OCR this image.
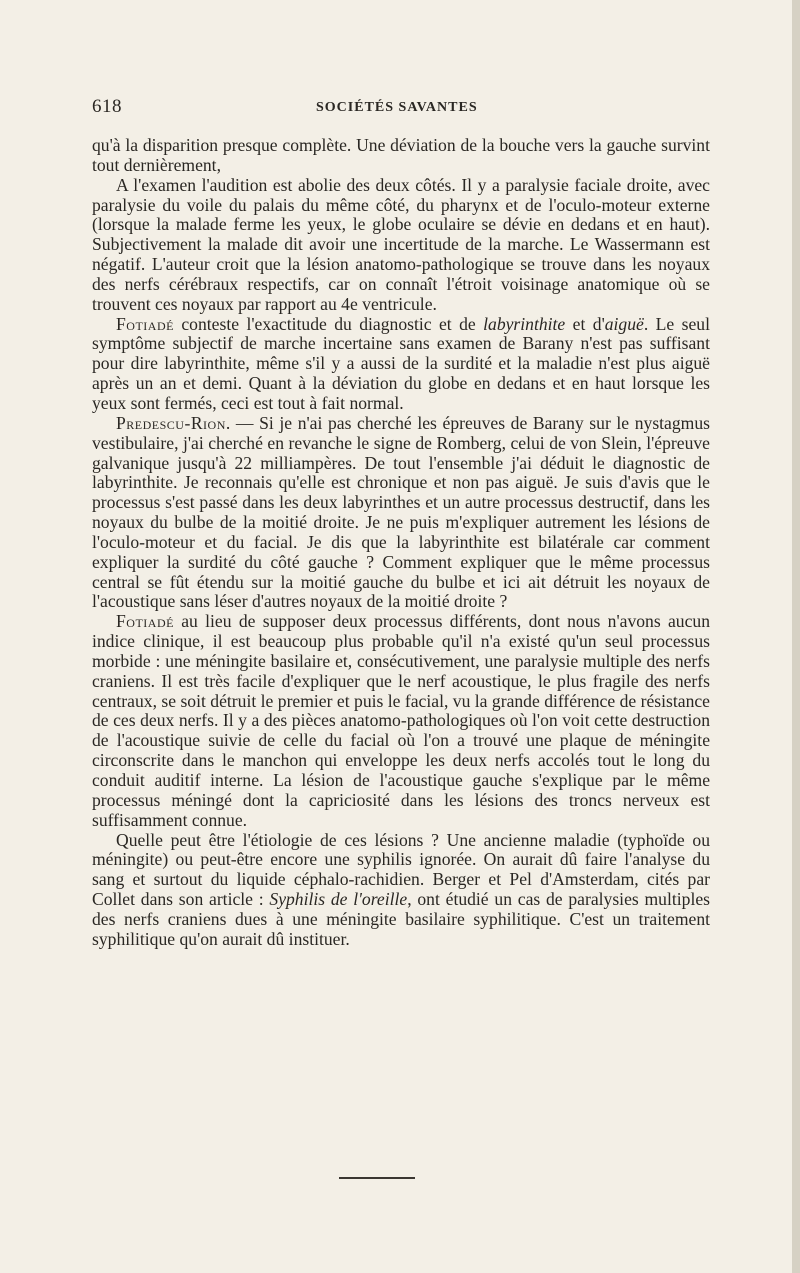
618	SOCIÉTÉS SAVANTES

qu'à la disparition presque complète. Une déviation de la bouche vers la gauche survint tout dernièrement,

A l'examen l'audition est abolie des deux côtés. Il y a paralysie faciale droite, avec paralysie du voile du palais du même côté, du pharynx et de l'oculo-moteur externe (lorsque la malade ferme les yeux, le globe oculaire se dévie en dedans et en haut). Subjectivement la malade dit avoir une incertitude de la marche. Le Wassermann est négatif. L'auteur croit que la lésion anatomo-pathologique se trouve dans les noyaux des nerfs cérébraux respectifs, car on connaît l'étroit voisinage anatomique où se trouvent ces noyaux par rapport au 4e ventricule.

Fotiadé conteste l'exactitude du diagnostic et de labyrinthite et d'aiguë. Le seul symptôme subjectif de marche incertaine sans examen de Barany n'est pas suffisant pour dire labyrinthite, même s'il y a aussi de la surdité et la maladie n'est plus aiguë après un an et demi. Quant à la déviation du globe en dedans et en haut lorsque les yeux sont fermés, ceci est tout à fait normal.

Predescu-Rion. — Si je n'ai pas cherché les épreuves de Barany sur le nystagmus vestibulaire, j'ai cherché en revanche le signe de Romberg, celui de von Slein, l'épreuve galvanique jusqu'à 22 milliampères. De tout l'ensemble j'ai déduit le diagnostic de labyrinthite. Je reconnais qu'elle est chronique et non pas aiguë. Je suis d'avis que le processus s'est passé dans les deux labyrinthes et un autre processus destructif, dans les noyaux du bulbe de la moitié droite. Je ne puis m'expliquer autrement les lésions de l'oculo-moteur et du facial. Je dis que la labyrinthite est bilatérale car comment expliquer la surdité du côté gauche ? Comment expliquer que le même processus central se fût étendu sur la moitié gauche du bulbe et ici ait détruit les noyaux de l'acoustique sans léser d'autres noyaux de la moitié droite ?

Fotiadé au lieu de supposer deux processus différents, dont nous n'avons aucun indice clinique, il est beaucoup plus probable qu'il n'a existé qu'un seul processus morbide : une méningite basilaire et, consécutivement, une paralysie multiple des nerfs craniens. Il est très facile d'expliquer que le nerf acoustique, le plus fragile des nerfs centraux, se soit détruit le premier et puis le facial, vu la grande différence de résistance de ces deux nerfs. Il y a des pièces anatomo-pathologiques où l'on voit cette destruction de l'acoustique suivie de celle du facial où l'on a trouvé une plaque de méningite circonscrite dans le manchon qui enveloppe les deux nerfs accolés tout le long du conduit auditif interne. La lésion de l'acoustique gauche s'explique par le même processus méningé dont la capriciosité dans les lésions des troncs nerveux est suffisamment connue.

Quelle peut être l'étiologie de ces lésions ? Une ancienne maladie (typhoïde ou méningite) ou peut-être encore une syphilis ignorée. On aurait dû faire l'analyse du sang et surtout du liquide céphalo-rachidien. Berger et Pel d'Amsterdam, cités par Collet dans son article : Syphilis de l'oreille, ont étudié un cas de paralysies multiples des nerfs craniens dues à une méningite basilaire syphilitique. C'est un traitement syphilitique qu'on aurait dû instituer.
